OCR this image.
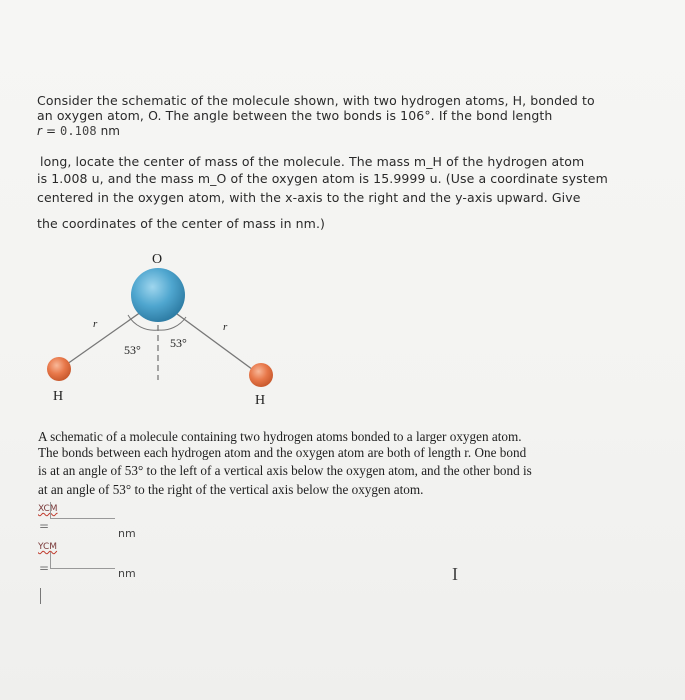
Consider the schematic of the molecule shown, with two hydrogen atoms, H, bonded to
an oxygen atom, O. The angle between the two bonds is 106°. If the bond length
r = 0.108 nm
long, locate the center of mass of the molecule. The mass m_H of the hydrogen atom
is 1.008 u, and the mass m_O of the oxygen atom is 15.9999 u. (Use a coordinate system
centered in the oxygen atom, with the x-axis to the right and the y-axis upward. Give
the coordinates of the center of mass in nm.)
O
r	r
53° 53°
H	H
A schematic of a molecule containing two hydrogen atoms bonded to a larger oxygen atom.
The bonds between each hydrogen atom and the oxygen atom are both of length r. One bond
is at an angle of 53° to the left of a vertical axis below the oxygen atom, and the other bond is
at an angle of 53° to the right of the vertical axis below the oxygen atom.
XCM
=
nm
YCM
=	nm	I
